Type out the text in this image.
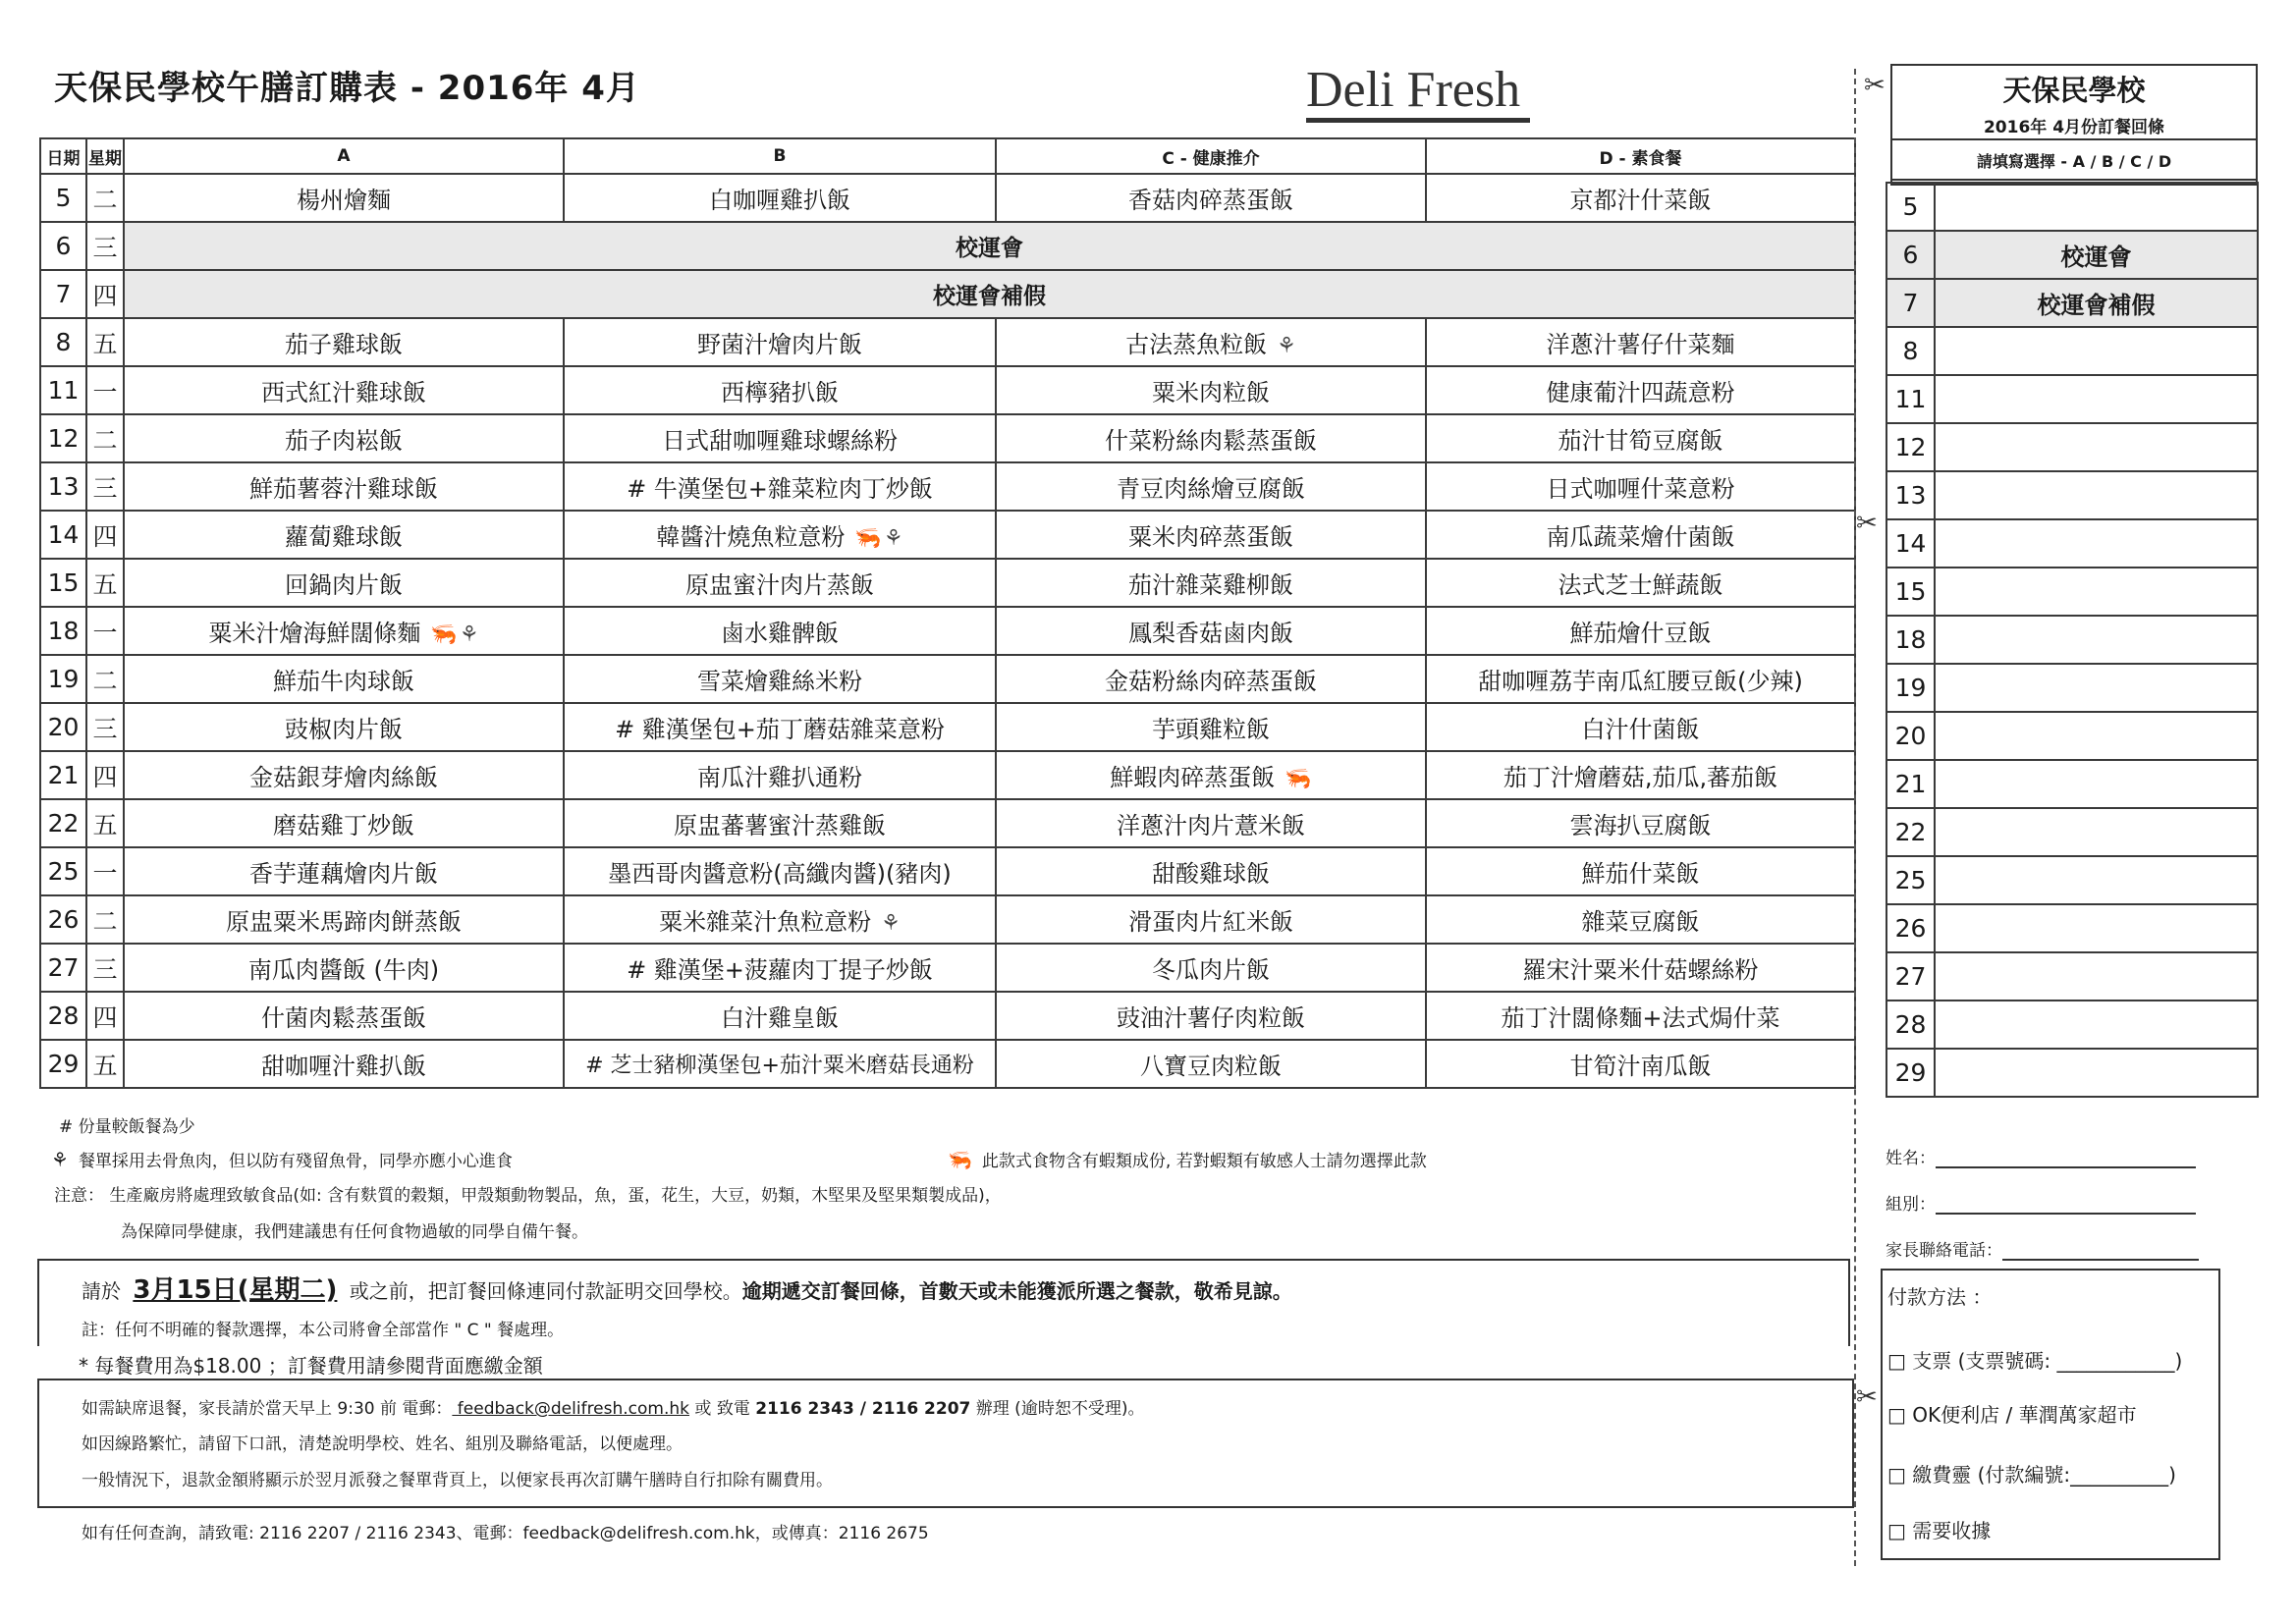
天保民學校午膳訂購表 - 2016年 4月	Deli Fresh
日期	星期	A	B	C - 健康推介	D - 素食餐
5	二	楊州燴麵	白咖喱雞扒飯	香菇肉碎蒸蛋飯	京都汁什菜飯
6	三	校運會			
7	四	校運會補假			
8	五	茄子雞球飯	野菌汁燴肉片飯	古法蒸魚粒飯 ⚘	洋蔥汁薯仔什菜麵
11	一	西式紅汁雞球飯	西檸豬扒飯	粟米肉粒飯	健康葡汁四蔬意粉
12	二	茄子肉崧飯	日式甜咖喱雞球螺絲粉	什菜粉絲肉鬆蒸蛋飯	茄汁甘筍豆腐飯
13	三	鮮茄薯蓉汁雞球飯	# 牛漢堡包+雜菜粒肉丁炒飯	青豆肉絲燴豆腐飯	日式咖喱什菜意粉
14	四	蘿蔔雞球飯	韓醬汁燒魚粒意粉 🦐⚘	粟米肉碎蒸蛋飯	南瓜蔬菜燴什菌飯
15	五	回鍋肉片飯	原盅蜜汁肉片蒸飯	茄汁雜菜雞柳飯	法式芝士鮮蔬飯
18	一	粟米汁燴海鮮闊條麵 🦐⚘	鹵水雞髀飯	鳳梨香菇鹵肉飯	鮮茄燴什豆飯
19	二	鮮茄牛肉球飯	雪菜燴雞絲米粉	金菇粉絲肉碎蒸蛋飯	甜咖喱荔芋南瓜紅腰豆飯(少辣)
20	三	豉椒肉片飯	# 雞漢堡包+茄丁蘑菇雜菜意粉	芋頭雞粒飯	白汁什菌飯
21	四	金菇銀芽燴肉絲飯	南瓜汁雞扒通粉	鮮蝦肉碎蒸蛋飯 🦐	茄丁汁燴蘑菇,茄瓜,蕃茄飯
22	五	磨菇雞丁炒飯	原盅蕃薯蜜汁蒸雞飯	洋蔥汁肉片薏米飯	雲海扒豆腐飯
25	一	香芋蓮藕燴肉片飯	墨西哥肉醬意粉(高纖肉醬)(豬肉)	甜酸雞球飯	鮮茄什菜飯
26	二	原盅粟米馬蹄肉餅蒸飯	粟米雜菜汁魚粒意粉 ⚘	滑蛋肉片紅米飯	雜菜豆腐飯
27	三	南瓜肉醬飯 (牛肉)	# 雞漢堡+菠蘿肉丁提子炒飯	冬瓜肉片飯	羅宋汁粟米什菇螺絲粉
28	四	什菌肉鬆蒸蛋飯	白汁雞皇飯	豉油汁薯仔肉粒飯	茄丁汁闊條麵+法式焗什菜
29	五	甜咖喱汁雞扒飯	# 芝士豬柳漢堡包+茄汁粟米磨菇長通粉	八寶豆肉粒飯	甘筍汁南瓜飯
# 份量較飯餐為少
⚘ 餐單採用去骨魚肉，但以防有殘留魚骨，同學亦應小心進食	🦐 此款式食物含有蝦類成份, 若對蝦類有敏感人士請勿選擇此款
注意： 生產廠房將處理致敏食品(如: 含有麩質的穀類，甲殼類動物製品，魚，蛋，花生，大豆，奶類，木堅果及堅果類製成品)，
為保障同學健康，我們建議患有任何食物過敏的同學自備午餐。
請於 3月15日(星期二) 或之前，把訂餐回條連同付款証明交回學校。逾期遞交訂餐回條，首數天或未能獲派所選之餐款，敬希見諒。
註：任何不明確的餐款選擇，本公司將會全部當作 " C " 餐處理。
* 每餐費用為$18.00 ；訂餐費用請參閱背面應繳金額
如需缺席退餐，家長請於當天早上 9:30 前 電郵： feedback@delifresh.com.hk 或 致電 2116 2343 / 2116 2207 辦理 (逾時恕不受理)。
如因線路繁忙，請留下口訊，清楚說明學校、姓名、組別及聯絡電話，以便處理。
一般情況下，退款金額將顯示於翌月派發之餐單背頁上，以便家長再次訂購午膳時自行扣除有關費用。
如有任何查詢，請致電: 2116 2207 / 2116 2343、電郵：feedback@delifresh.com.hk，或傳真：2116 2675
✂
✂
✂
天保民學校
2016年 4月份訂餐回條
請填寫選擇 - A / B / C / D
5	
6	校運會
7	校運會補假
8	
11	
12	
13	
14	
15	
18	
19	
20	
21	
22	
25	
26	
27	
28	
29	
姓名：
組別：
家長聯絡電話：
付款方法 ：
□ 支票 (支票號碼: ____________)
□ OK便利店 / 華潤萬家超市
□ 繳費靈 (付款編號:__________)
□ 需要收據
